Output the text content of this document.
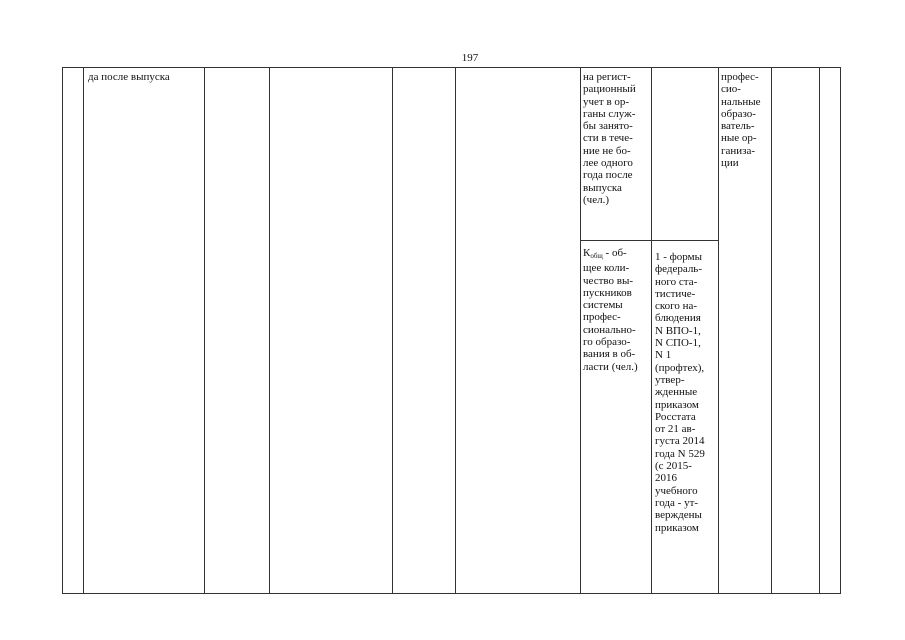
197
да после выпуска	на регист-
рационный
учет в ор-
ганы служ-
бы занято-
сти в тече-
ние не бо-
лее одного
года после
выпуска
(чел.)
профес-
сио-
нальные
образо-
ватель-
ные ор-
ганиза-
ции
$К_{общ} - об-$
щее коли-
чество вы-
пускников
системы
профес-
сионально-
го образо-
вания в об-
ласти (чел.)
1 - формы
федераль-
ного ста-
тистиче-
ского на-
блюдения
N ВПО-1,
N СПО-1,
N 1
(профтех),
утвер-
жденные
приказом
Росстата
от 21 ав-
густа 2014
года N 529
(с 2015-
2016
учебного
года - ут-
верждены
приказом
